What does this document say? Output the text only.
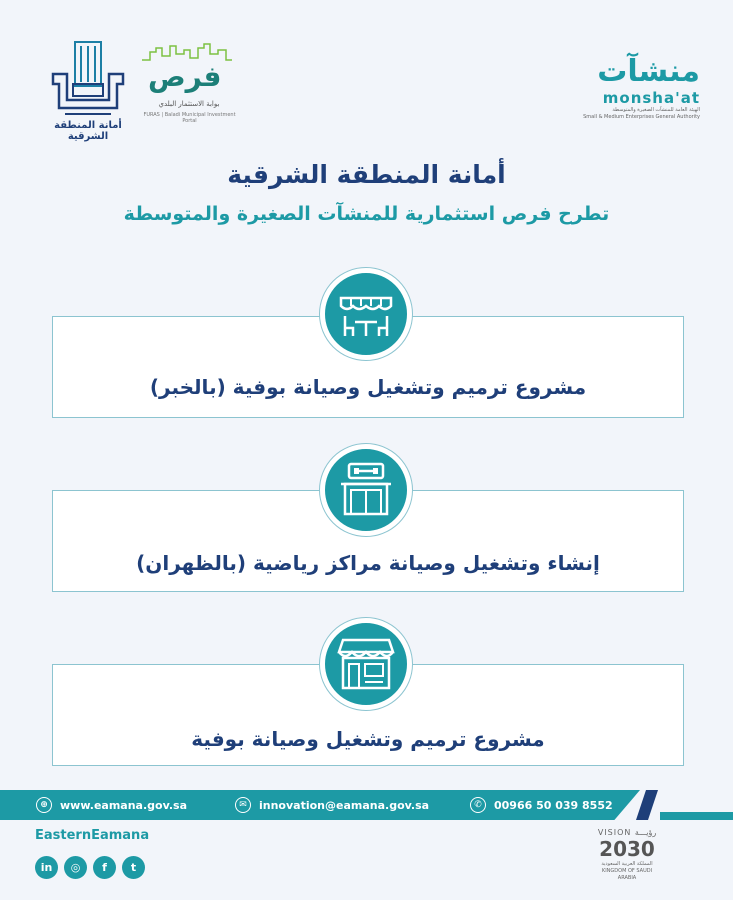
أمانة المنطقة الشرقية
فرص
بوابة الاستثمار البلدي
FURAS | Baladi Municipal Investment Portal
منشآت
monsha'at
الهيئة العامة للمنشآت الصغيرة والمتوسطة
Small & Medium Enterprises General Authority
أمانة المنطقة الشرقية
تطرح فرص استثمارية للمنشآت الصغيرة والمتوسطة
مشروع ترميم وتشغيل وصيانة بوفية (بالخبر)
إنشاء وتشغيل وصيانة مراكز رياضية (بالظهران)
مشروع ترميم وتشغيل وصيانة بوفية
⊕	www.eamana.gov.sa	✉	innovation@eamana.gov.sa	✆	00966 50 039 8552
EasternEamana
in	◎	f	t
VISION رؤيـــة
2030
المملكة العربية السعودية KINGDOM OF SAUDI ARABIA
